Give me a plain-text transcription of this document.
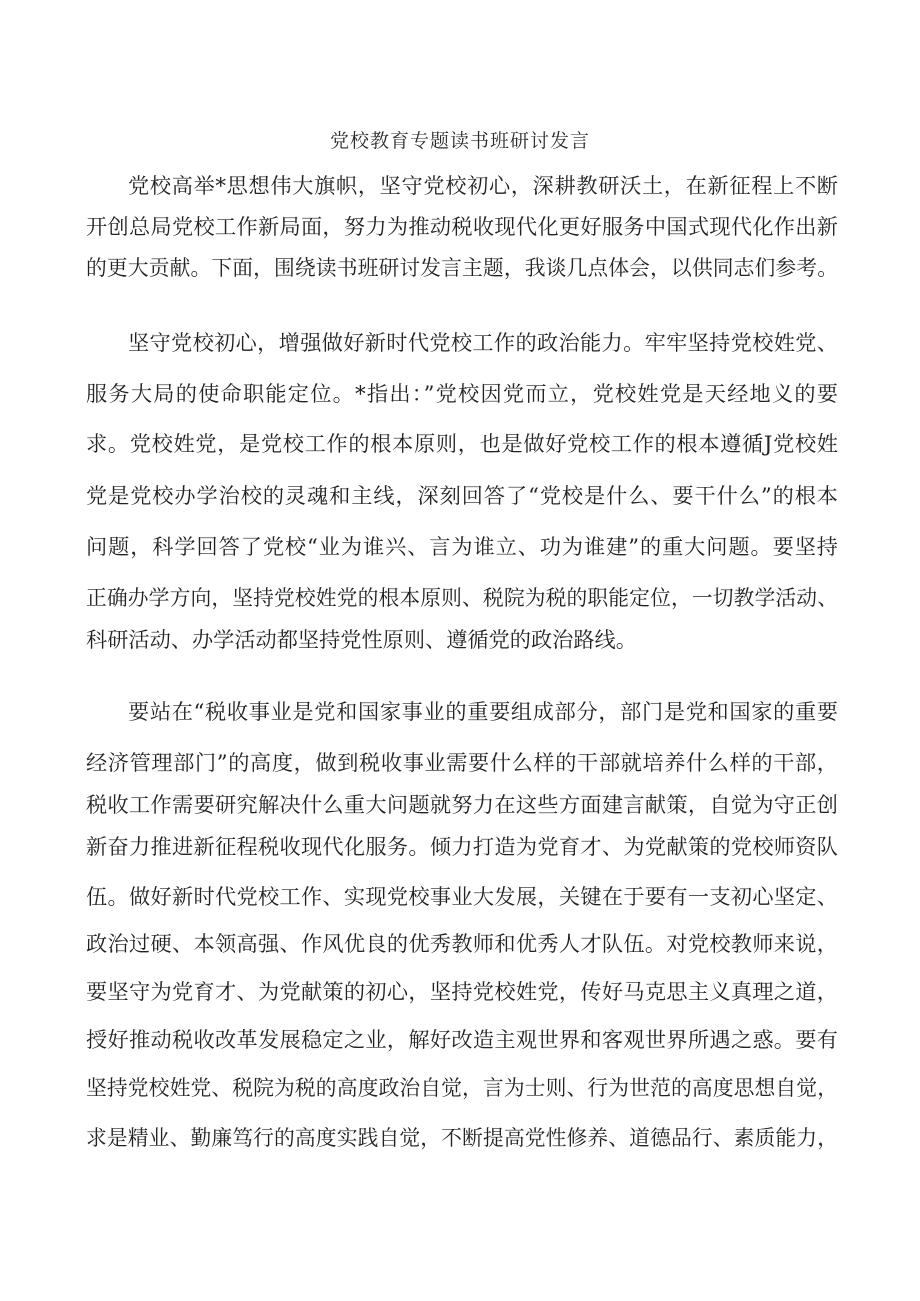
党校教育专题读书班研讨发言
党校高举*思想伟大旗帜，坚守党校初心，深耕教研沃土，在新征程上不断
开创总局党校工作新局面，努力为推动税收现代化更好服务中国式现代化作出新
的更大贡献。下面，围绕读书班研讨发言主题，我谈几点体会，以供同志们参考。
坚守党校初心，增强做好新时代党校工作的政治能力。牢牢坚持党校姓党、
服务大局的使命职能定位。*指出：”党校因党而立，党校姓党是天经地义的要
求。党校姓党，是党校工作的根本原则，也是做好党校工作的根本遵循J党校姓
党是党校办学治校的灵魂和主线，深刻回答了“党校是什么、要干什么”的根本
问题，科学回答了党校“业为谁兴、言为谁立、功为谁建”的重大问题。要坚持
正确办学方向，坚持党校姓党的根本原则、税院为税的职能定位，一切教学活动、
科研活动、办学活动都坚持党性原则、遵循党的政治路线。
要站在“税收事业是党和国家事业的重要组成部分，部门是党和国家的重要
经济管理部门”的高度，做到税收事业需要什么样的干部就培养什么样的干部，
税收工作需要研究解决什么重大问题就努力在这些方面建言献策，自觉为守正创
新奋力推进新征程税收现代化服务。倾力打造为党育才、为党献策的党校师资队
伍。做好新时代党校工作、实现党校事业大发展，关键在于要有一支初心坚定、
政治过硬、本领高强、作风优良的优秀教师和优秀人才队伍。对党校教师来说，
要坚守为党育才、为党献策的初心，坚持党校姓党，传好马克思主义真理之道，
授好推动税收改革发展稳定之业，解好改造主观世界和客观世界所遇之惑。要有
坚持党校姓党、税院为税的高度政治自觉，言为士则、行为世范的高度思想自觉，
求是精业、勤廉笃行的高度实践自觉，不断提高党性修养、道德品行、素质能力，
